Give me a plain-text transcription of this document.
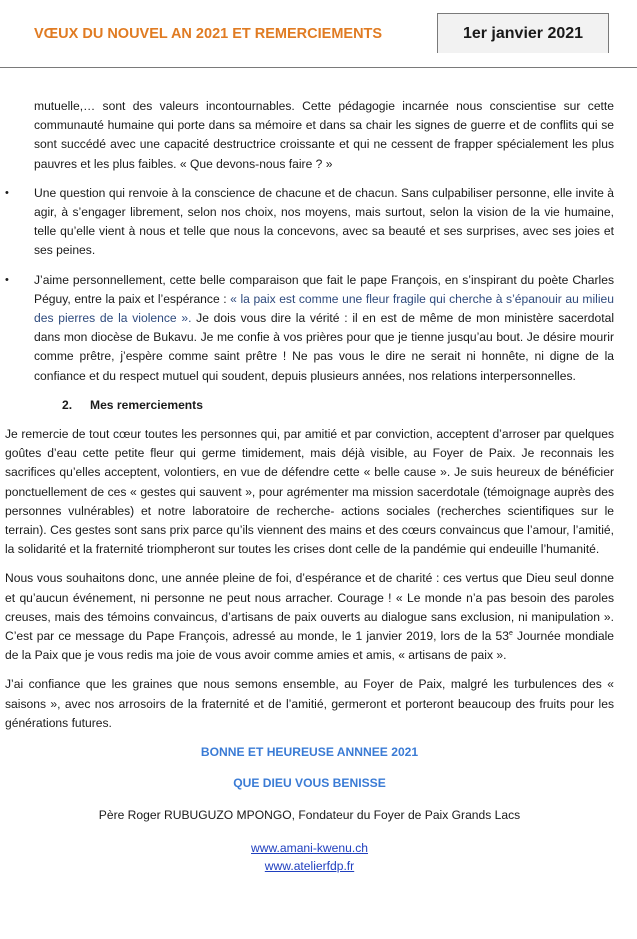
VŒUX DU NOUVEL AN 2021 ET REMERCIEMENTS	1er janvier 2021

mutuelle,… sont des valeurs incontournables. Cette pédagogie incarnée nous conscientise sur cette communauté humaine qui porte dans sa mémoire et dans sa chair les signes de guerre et de conflits qui se sont succédé avec une capacité destructrice croissante et qui ne cessent de frapper spécialement les plus pauvres et les plus faibles. « Que devons-nous faire ? »

•	Une question qui renvoie à la conscience de chacune et de chacun. Sans culpabiliser personne, elle invite à agir, à s’engager librement, selon nos choix, nos moyens, mais surtout, selon la vision de la vie humaine, telle qu’elle vient à nous et telle que nous la concevons, avec sa beauté et ses surprises, avec ses joies et ses peines.
•	J’aime personnellement, cette belle comparaison que fait le pape François, en s’inspirant du poète Charles Péguy, entre la paix et l’espérance : « la paix est comme une fleur fragile qui cherche à s’épanouir au milieu des pierres de la violence ». Je dois vous dire la vérité : il en est de même de mon ministère sacerdotal dans mon diocèse de Bukavu. Je me confie à vos prières pour que je tienne jusqu’au bout. Je désire mourir comme prêtre, j’espère comme saint prêtre ! Ne pas vous le dire ne serait ni honnête, ni digne de la confiance et du respect mutuel qui soudent, depuis plusieurs années, nos relations interpersonnelles.
2. Mes remerciements

Je remercie de tout cœur toutes les personnes qui, par amitié et par conviction, acceptent d’arroser par quelques goûtes d’eau cette petite fleur qui germe timidement, mais déjà visible, au Foyer de Paix. Je reconnais les sacrifices qu’elles acceptent, volontiers, en vue de défendre cette « belle cause ». Je suis heureux de bénéficier ponctuellement de ces « gestes qui sauvent », pour agrémenter ma mission sacerdotale (témoignage auprès des personnes vulnérables) et notre laboratoire de recherche- actions sociales (recherches scientifiques sur le terrain). Ces gestes sont sans prix parce qu’ils viennent des mains et des cœurs convaincus que l’amour, l’amitié, la solidarité et la fraternité triompheront sur toutes les crises dont celle de la pandémie qui endeuille l’humanité.

Nous vous souhaitons donc, une année pleine de foi, d’espérance et de charité : ces vertus que Dieu seul donne et qu’aucun événement, ni personne ne peut nous arracher. Courage ! « Le monde n’a pas besoin des paroles creuses, mais des témoins convaincus, d’artisans de paix ouverts au dialogue sans exclusion, ni manipulation ». C’est par ce message du Pape François, adressé au monde, le 1 janvier 2019, lors de la 53e Journée mondiale de la Paix que je vous redis ma joie de vous avoir comme amies et amis, « artisans de paix ».

J’ai confiance que les graines que nous semons ensemble, au Foyer de Paix, malgré les turbulences des « saisons », avec nos arrosoirs de la fraternité et de l’amitié, germeront et porteront beaucoup des fruits pour les générations futures.

BONNE ET HEUREUSE ANNNEE 2021
QUE DIEU VOUS BENISSE
Père Roger RUBUGUZO MPONGO, Fondateur du Foyer de Paix Grands Lacs
www.amani-kwenu.ch
www.atelierfdp.fr
